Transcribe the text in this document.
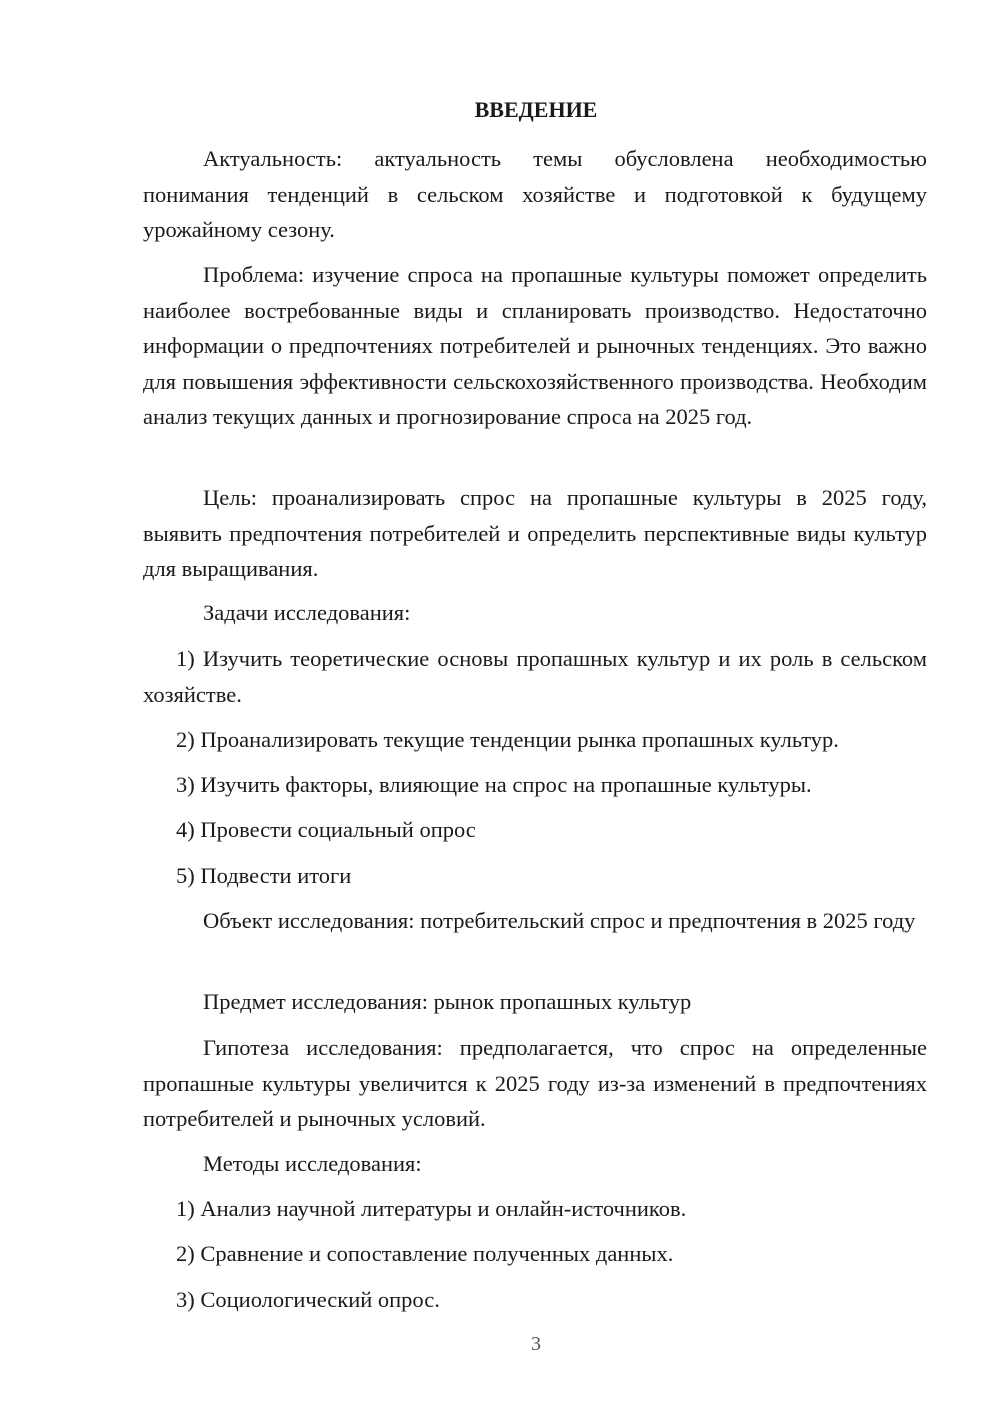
ВВЕДЕНИЕ

Актуальность: актуальность темы обусловлена необходимостью понимания тенденций в сельском хозяйстве и подготовкой к будущему урожайному сезону.

Проблема: изучение спроса на пропашные культуры поможет определить наиболее востребованные виды и спланировать производство. Недостаточно информации о предпочтениях потребителей и рыночных тенденциях. Это важно для повышения эффективности сельскохозяйственного производства. Необходим анализ текущих данных и прогнозирование спроса на 2025 год.

Цель: проанализировать спрос на пропашные культуры в 2025 году, выявить предпочтения потребителей и определить перспективные виды культур для выращивания.

Задачи исследования:

1) Изучить теоретические основы пропашных культур и их роль в сельском хозяйстве.

2) Проанализировать текущие тенденции рынка пропашных культур.

3) Изучить факторы, влияющие на спрос на пропашные культуры.

4) Провести социальный опрос

5) Подвести итоги

Объект исследования: потребительский спрос и предпочтения в 2025 году

Предмет исследования: рынок пропашных культур

Гипотеза исследования: предполагается, что спрос на определенные пропашные культуры увеличится к 2025 году из-за изменений в предпочтениях потребителей и рыночных условий.

Методы исследования:

1) Анализ научной литературы и онлайн-источников.

2) Сравнение и сопоставление полученных данных.

3) Социологический опрос.

3
